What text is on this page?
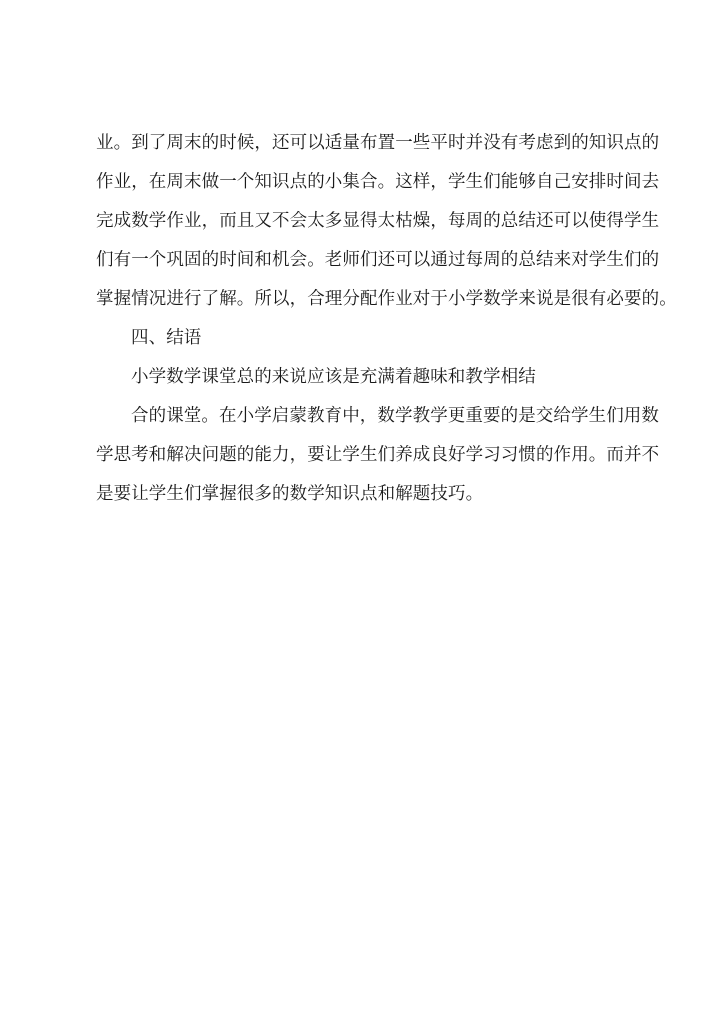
业。到了周末的时候，还可以适量布置一些平时并没有考虑到的知识点的
作业，在周末做一个知识点的小集合。这样，学生们能够自己安排时间去
完成数学作业，而且又不会太多显得太枯燥，每周的总结还可以使得学生
们有一个巩固的时间和机会。老师们还可以通过每周的总结来对学生们的
掌握情况进行了解。所以，合理分配作业对于小学数学来说是很有必要的。
四、结语
小学数学课堂总的来说应该是充满着趣味和教学相结
合的课堂。在小学启蒙教育中，数学教学更重要的是交给学生们用数
学思考和解决问题的能力，要让学生们养成良好学习习惯的作用。而并不
是要让学生们掌握很多的数学知识点和解题技巧。
